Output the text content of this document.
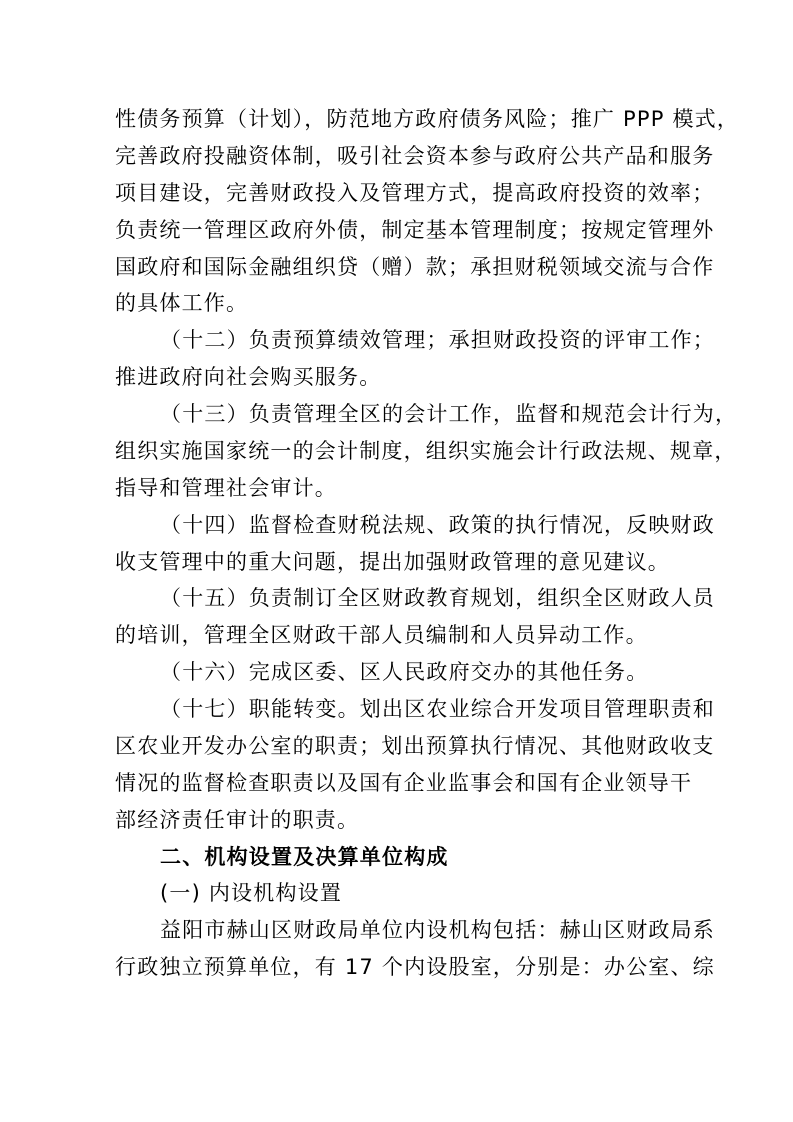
性债务预算（计划），防范地方政府债务风险；推广 PPP 模式，
完善政府投融资体制，吸引社会资本参与政府公共产品和服务
项目建设，完善财政投入及管理方式，提高政府投资的效率；
负责统一管理区政府外债，制定基本管理制度；按规定管理外
国政府和国际金融组织贷（赠）款；承担财税领域交流与合作
的具体工作。
（十二）负责预算绩效管理；承担财政投资的评审工作；
推进政府向社会购买服务。
（十三）负责管理全区的会计工作，监督和规范会计行为，
组织实施国家统一的会计制度，组织实施会计行政法规、规章，
指导和管理社会审计。
（十四）监督检查财税法规、政策的执行情况，反映财政
收支管理中的重大问题，提出加强财政管理的意见建议。
（十五）负责制订全区财政教育规划，组织全区财政人员
的培训，管理全区财政干部人员编制和人员异动工作。
（十六）完成区委、区人民政府交办的其他任务。
（十七）职能转变。划出区农业综合开发项目管理职责和
区农业开发办公室的职责；划出预算执行情况、其他财政收支
情况的监督检查职责以及国有企业监事会和国有企业领导干
部经济责任审计的职责。
二、机构设置及决算单位构成
(一) 内设机构设置
益阳市赫山区财政局单位内设机构包括：赫山区财政局系
行政独立预算单位，有 17 个内设股室，分别是：办公室、综
